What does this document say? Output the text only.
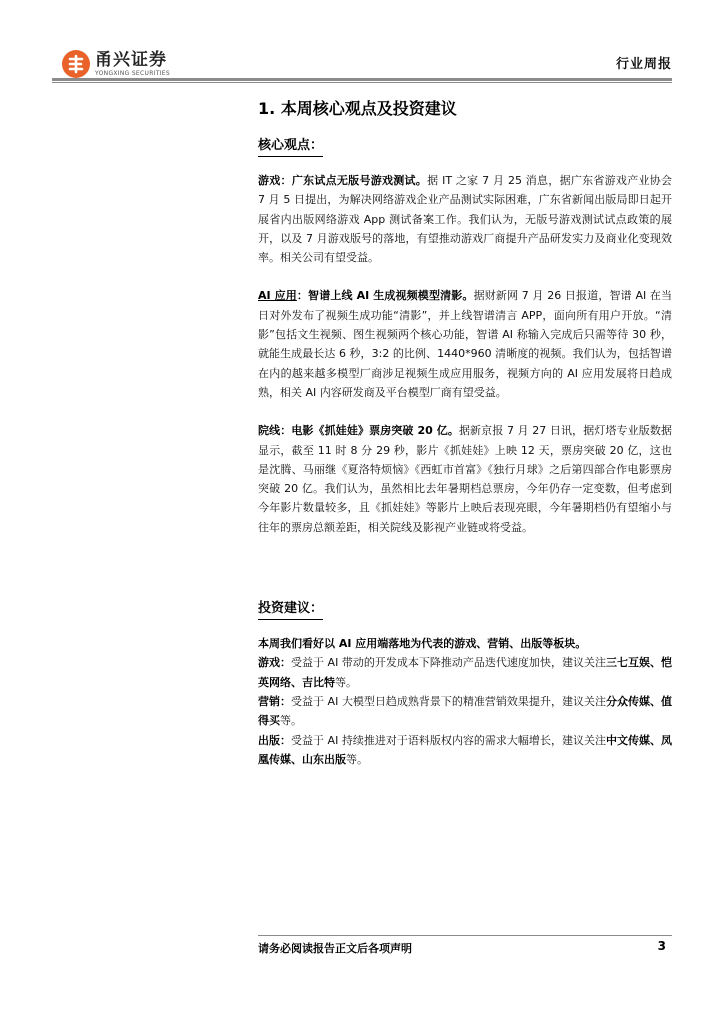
甬兴证券
YONGXING SECURITIES
行业周报
1. 本周核心观点及投资建议
核心观点：

游戏：广东试点无版号游戏测试。据 IT 之家 7 月 25 消息，据广东省游戏产业协会 7 月 5 日提出，为解决网络游戏企业产品测试实际困难，广东省新闻出版局即日起开展省内出版网络游戏 App 测试备案工作。我们认为，无版号游戏测试试点政策的展开，以及 7 月游戏版号的落地，有望推动游戏厂商提升产品研发实力及商业化变现效率。相关公司有望受益。

AI 应用：智谱上线 AI 生成视频模型清影。据财新网 7 月 26 日报道，智谱 AI 在当日对外发布了视频生成功能“清影”，并上线智谱清言 APP，面向所有用户开放。“清影”包括文生视频、图生视频两个核心功能，智谱 AI 称输入完成后只需等待 30 秒，就能生成最长达 6 秒，3:2 的比例、1440*960 清晰度的视频。我们认为，包括智谱在内的越来越多模型厂商涉足视频生成应用服务，视频方向的 AI 应用发展将日趋成熟，相关 AI 内容研发商及平台模型厂商有望受益。

院线：电影《抓娃娃》票房突破 20 亿。据新京报 7 月 27 日讯，据灯塔专业版数据显示，截至 11 时 8 分 29 秒，影片《抓娃娃》上映 12 天，票房突破 20 亿，这也是沈腾、马丽继《夏洛特烦恼》《西虹市首富》《独行月球》之后第四部合作电影票房突破 20 亿。我们认为，虽然相比去年暑期档总票房，今年仍存一定变数，但考虑到今年影片数量较多，且《抓娃娃》等影片上映后表现亮眼，今年暑期档仍有望缩小与往年的票房总额差距，相关院线及影视产业链或将受益。

投资建议：

本周我们看好以 AI 应用端落地为代表的游戏、营销、出版等板块。

游戏：受益于 AI 带动的开发成本下降推动产品迭代速度加快，建议关注三七互娱、恺英网络、吉比特等。

营销：受益于 AI 大模型日趋成熟背景下的精准营销效果提升，建议关注分众传媒、值得买等。

出版：受益于 AI 持续推进对于语料版权内容的需求大幅增长，建议关注中文传媒、凤凰传媒、山东出版等。

请务必阅读报告正文后各项声明	3
